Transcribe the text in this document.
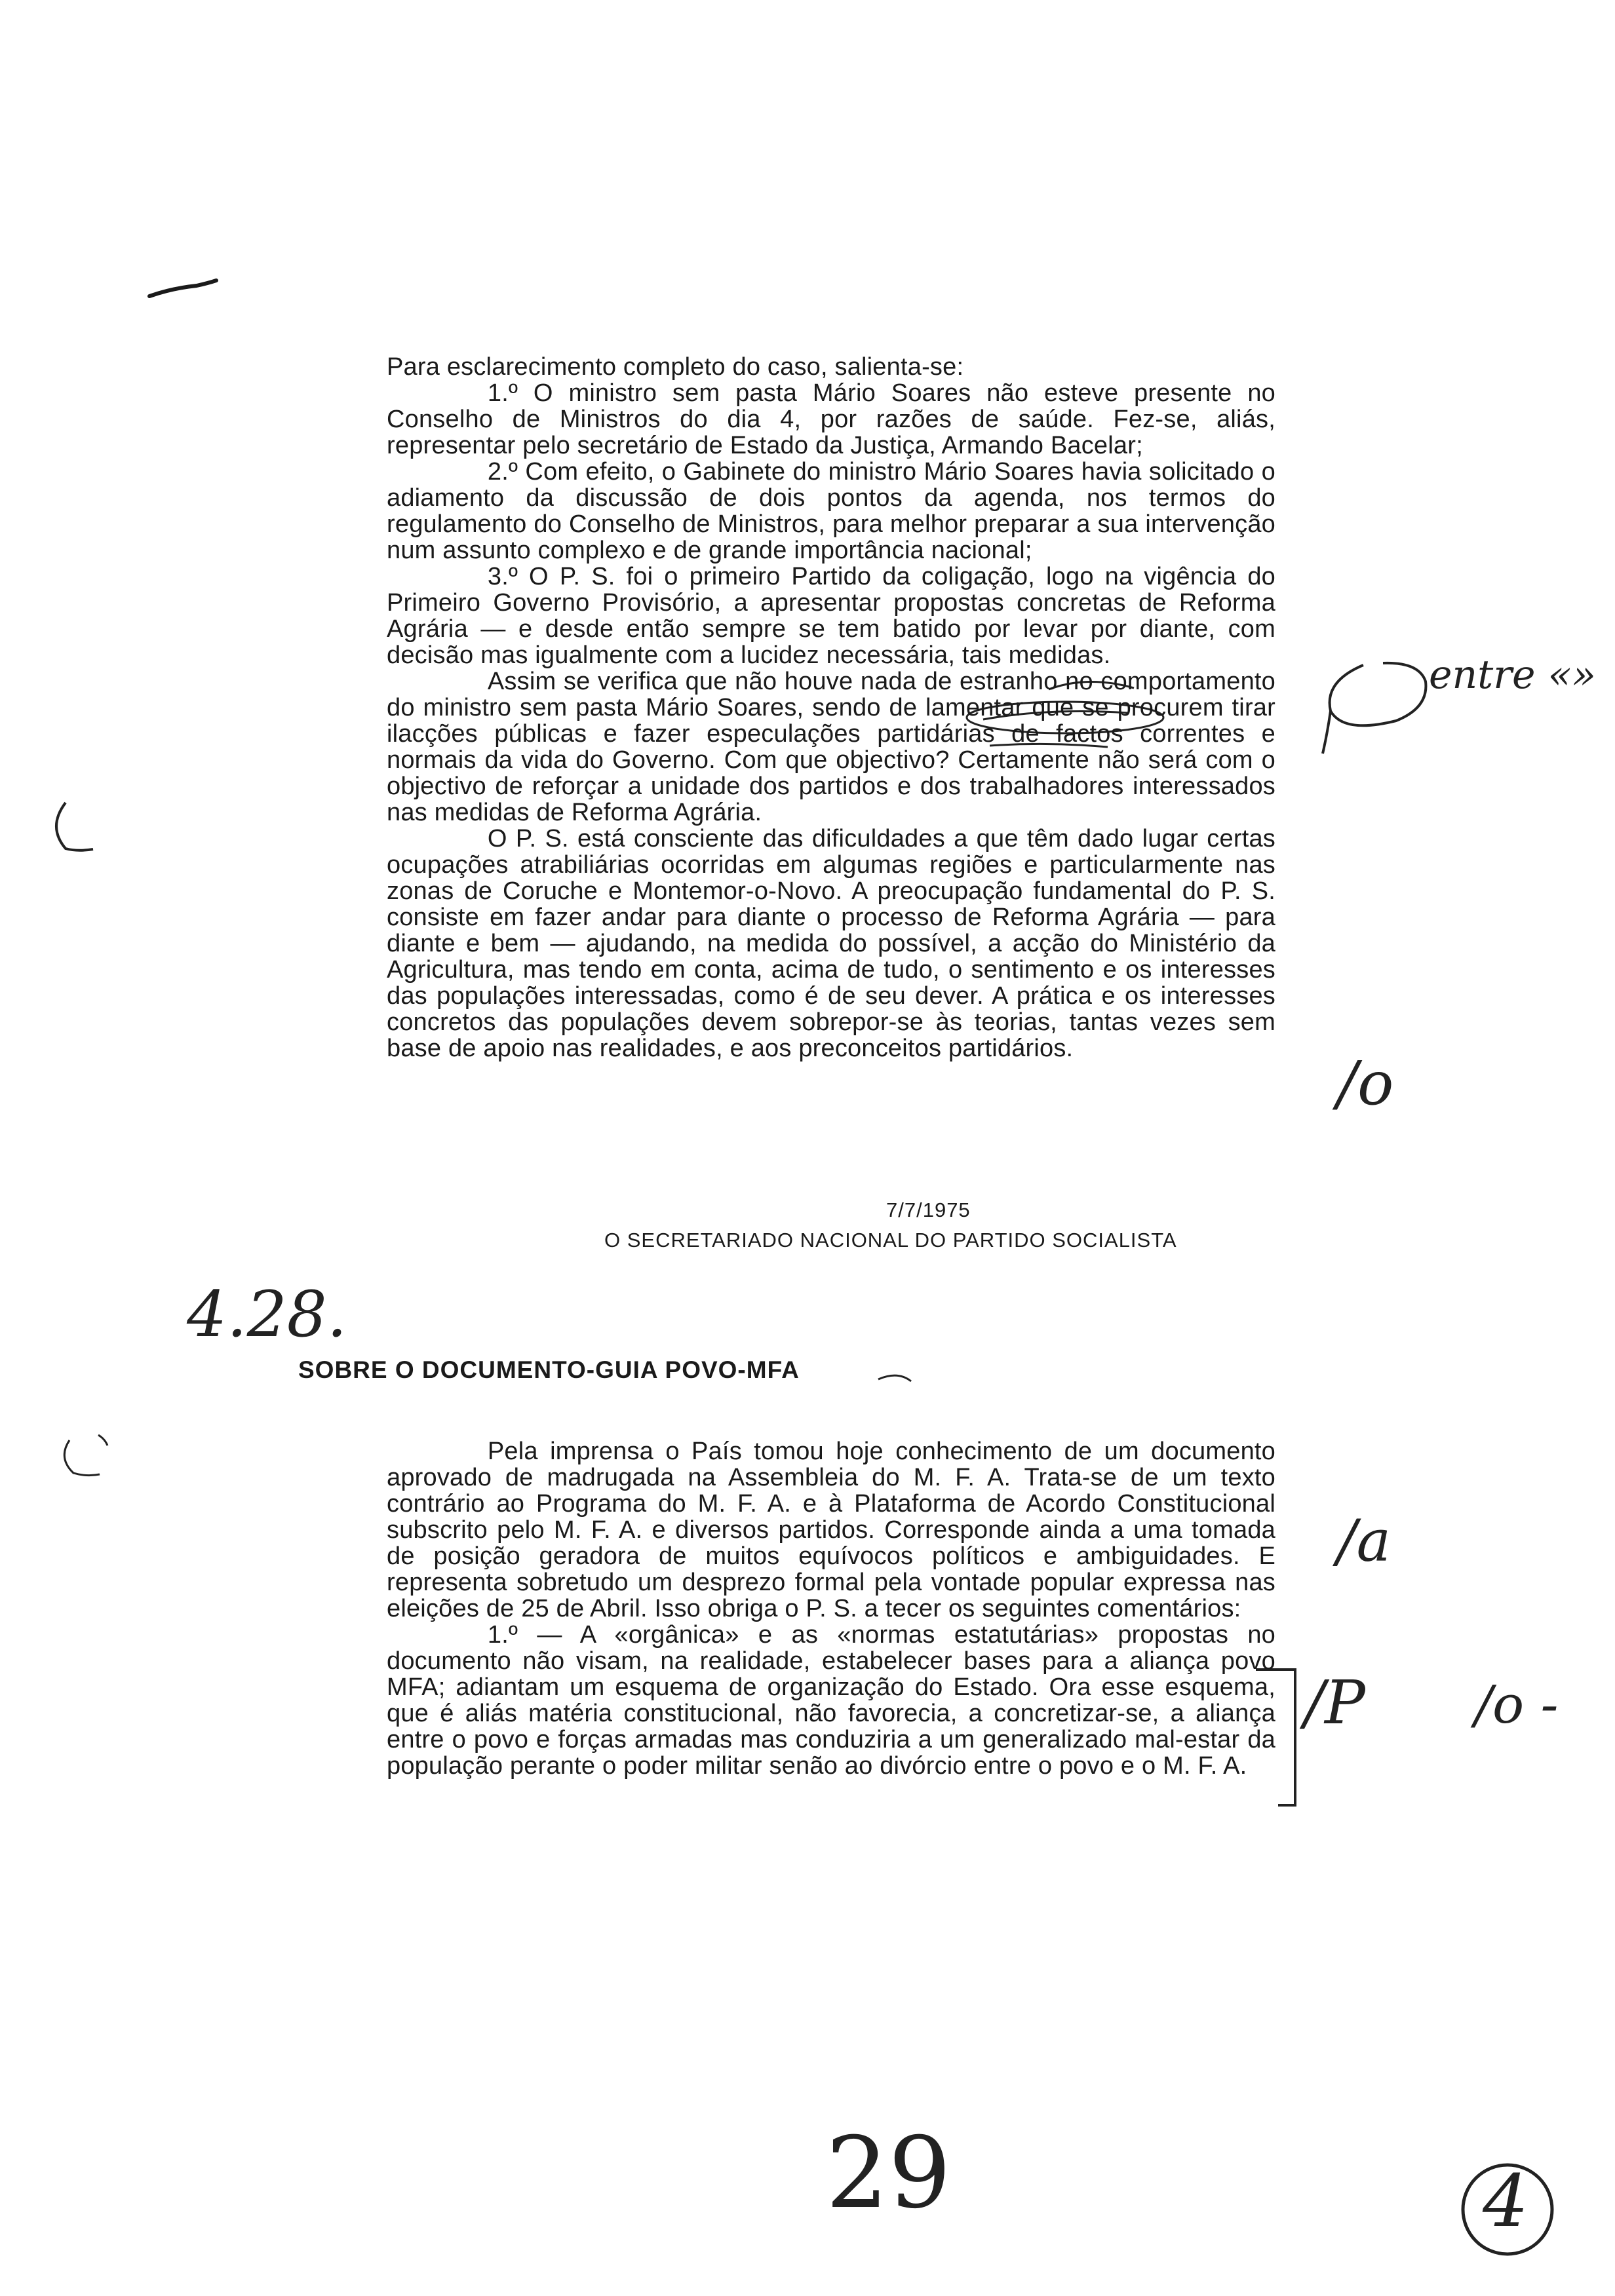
Para esclarecimento completo do caso, salienta-se:

1.º O ministro sem pasta Mário Soares não esteve presente no Conselho de Ministros do dia 4, por razões de saúde. Fez-se, aliás, representar pelo secretário de Estado da Justiça, Armando Bacelar;

2.º Com efeito, o Gabinete do ministro Mário Soares havia solicitado o adiamento da discussão de dois pontos da agenda, nos termos do regulamento do Conselho de Ministros, para melhor preparar a sua intervenção num assunto complexo e de grande importância nacional;

3.º O P. S. foi o primeiro Partido da coligação, logo na vigência do Primeiro Governo Provisório, a apresentar propostas concretas de Reforma Agrária — e desde então sempre se tem batido por levar por diante, com decisão mas igualmente com a lucidez necessária, tais medidas.

Assim se verifica que não houve nada de estranho no comportamento do ministro sem pasta Mário Soares, sendo de lamentar que se procurem tirar ilacções públicas e fazer especulações partidárias de factos correntes e normais da vida do Governo. Com que objectivo? Certamente não será com o objectivo de reforçar a unidade dos partidos e dos trabalhadores interessados nas medidas de Reforma Agrária.

O P. S. está consciente das dificuldades a que têm dado lugar certas ocupações atrabiliárias ocorridas em algumas regiões e particularmente nas zonas de Coruche e Montemor-o-Novo. A preocupação fundamental do P. S. consiste em fazer andar para diante o processo de Reforma Agrária — para diante e bem — ajudando, na medida do possível, a acção do Ministério da Agricultura, mas tendo em conta, acima de tudo, o sentimento e os interesses das populações interessadas, como é de seu dever. A prática e os interesses concretos das populações devem sobrepor-se às teorias, tantas vezes sem base de apoio nas realidades, e aos preconceitos partidários.

7/7/1975
O SECRETARIADO NACIONAL DO PARTIDO SOCIALISTA
SOBRE O DOCUMENTO-GUIA POVO-MFA

Pela imprensa o País tomou hoje conhecimento de um documento aprovado de madrugada na Assembleia do M. F. A. Trata-se de um texto contrário ao Programa do M. F. A. e à Plataforma de Acordo Constitucional subscrito pelo M. F. A. e diversos partidos. Corresponde ainda a uma tomada de posição geradora de muitos equívocos políticos e ambiguidades. E representa sobretudo um desprezo formal pela vontade popular expressa nas eleições de 25 de Abril. Isso obriga o P. S. a tecer os seguintes comentários:

1.º — A «orgânica» e as «normas estatutárias» propostas no documento não visam, na realidade, estabelecer bases para a aliança povo MFA; adiantam um esquema de organização do Estado. Ora esse esquema, que é aliás matéria constitucional, não favorecia, a concretizar-se, a aliança entre o povo e forças armadas mas conduziria a um generalizado mal-estar da população perante o poder militar senão ao divórcio entre o povo e o M. F. A.

entre «»
/o
/a
/P /o -
4.28.
29	4
